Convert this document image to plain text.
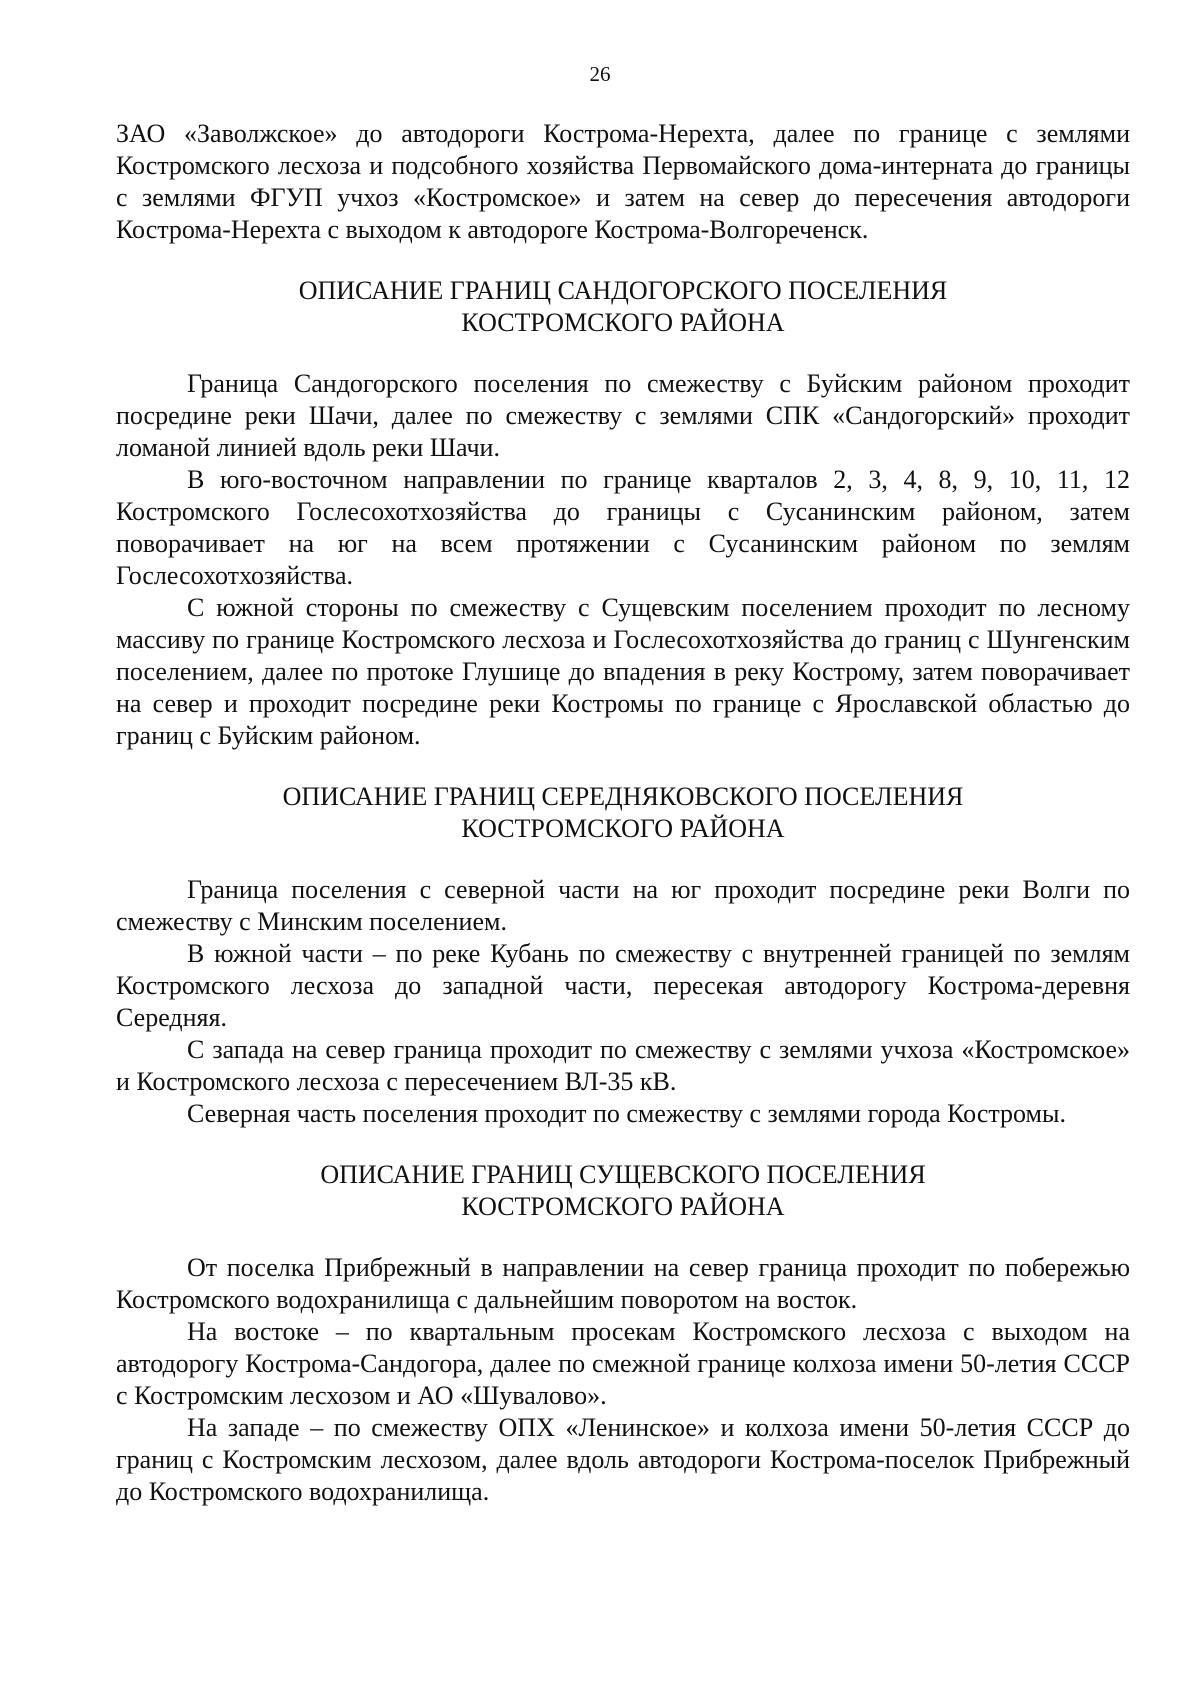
26

ЗАО «Заволжское» до автодороги Кострома-Нерехта, далее по границе с землями Костромского лесхоза и подсобного хозяйства Первомайского дома-интерната до границы с землями ФГУП учхоз «Костромское» и затем на север до пересечения автодороги Кострома-Нерехта с выходом к автодороге Кострома-Волгореченск.

ОПИСАНИЕ ГРАНИЦ САНДОГОРСКОГО ПОСЕЛЕНИЯ
КОСТРОМСКОГО РАЙОНА

Граница Сандогорского поселения по смежеству с Буйским районом проходит посредине реки Шачи, далее по смежеству с землями СПК «Сандогорский» проходит ломаной линией вдоль реки Шачи.

В юго-восточном направлении по границе кварталов 2, 3, 4, 8, 9, 10, 11, 12 Костромского Гослесохотхозяйства до границы с Сусанинским районом, затем поворачивает на юг на всем протяжении с Сусанинским районом по землям Гослесохотхозяйства.

С южной стороны по смежеству с Сущевским поселением проходит по лесному массиву по границе Костромского лесхоза и Гослесохотхозяйства до границ с Шунгенским поселением, далее по протоке Глушице до впадения в реку Кострому, затем поворачивает на север и проходит посредине реки Костромы по границе с Ярославской областью до границ с Буйским районом.

ОПИСАНИЕ ГРАНИЦ СЕРЕДНЯКОВСКОГО ПОСЕЛЕНИЯ
КОСТРОМСКОГО РАЙОНА

Граница поселения с северной части на юг проходит посредине реки Волги по смежеству с Минским поселением.

В южной части – по реке Кубань по смежеству с внутренней границей по землям Костромского лесхоза до западной части, пересекая автодорогу Кострома-деревня Середняя.

С запада на север граница проходит по смежеству с землями учхоза «Костромское» и Костромского лесхоза с пересечением ВЛ-35 кВ.

Северная часть поселения проходит по смежеству с землями города Костромы.

ОПИСАНИЕ ГРАНИЦ СУЩЕВСКОГО ПОСЕЛЕНИЯ
КОСТРОМСКОГО РАЙОНА

От поселка Прибрежный в направлении на север граница проходит по побережью Костромского водохранилища с дальнейшим поворотом на восток.

На востоке – по квартальным просекам Костромского лесхоза с выходом на автодорогу Кострома-Сандогора, далее по смежной границе колхоза имени 50-летия СССР с Костромским лесхозом и АО «Шувалово».

На западе – по смежеству ОПХ «Ленинское» и колхоза имени 50-летия СССР до границ с Костромским лесхозом, далее вдоль автодороги Кострома-поселок Прибрежный до Костромского водохранилища.
